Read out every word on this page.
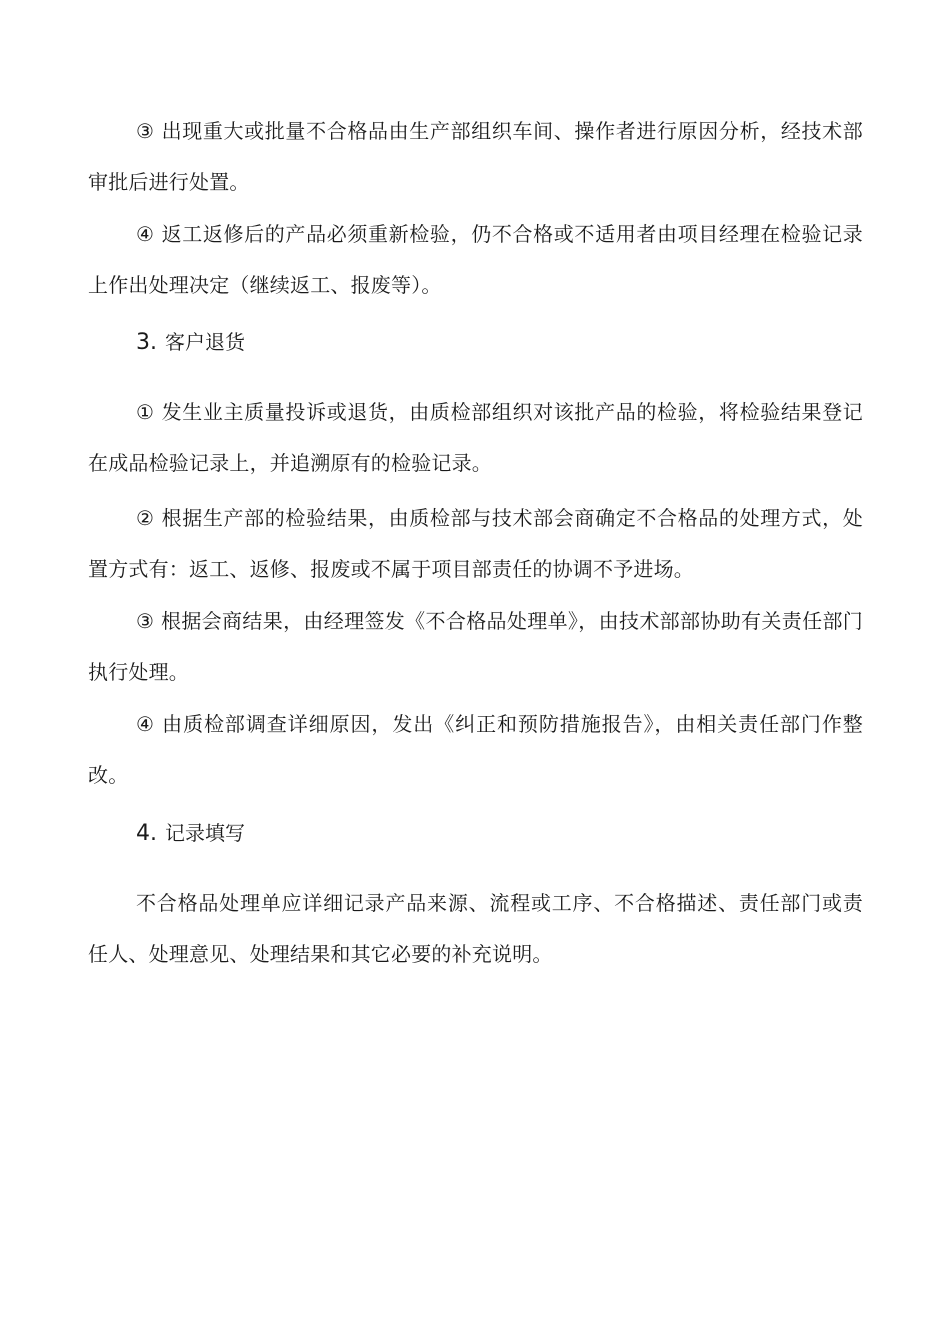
③ 出现重大或批量不合格品由生产部组织车间、操作者进行原因分析，经技术部审批后进行处置。

④ 返工返修后的产品必须重新检验，仍不合格或不适用者由项目经理在检验记录上作出处理决定（继续返工、报废等）。

3. 客户退货

① 发生业主质量投诉或退货，由质检部组织对该批产品的检验，将检验结果登记在成品检验记录上，并追溯原有的检验记录。

② 根据生产部的检验结果，由质检部与技术部会商确定不合格品的处理方式，处置方式有：返工、返修、报废或不属于项目部责任的协调不予进场。

③ 根据会商结果，由经理签发《不合格品处理单》，由技术部部协助有关责任部门执行处理。

④ 由质检部调查详细原因，发出《纠正和预防措施报告》，由相关责任部门作整改。

4. 记录填写

不合格品处理单应详细记录产品来源、流程或工序、不合格描述、责任部门或责任人、处理意见、处理结果和其它必要的补充说明。
